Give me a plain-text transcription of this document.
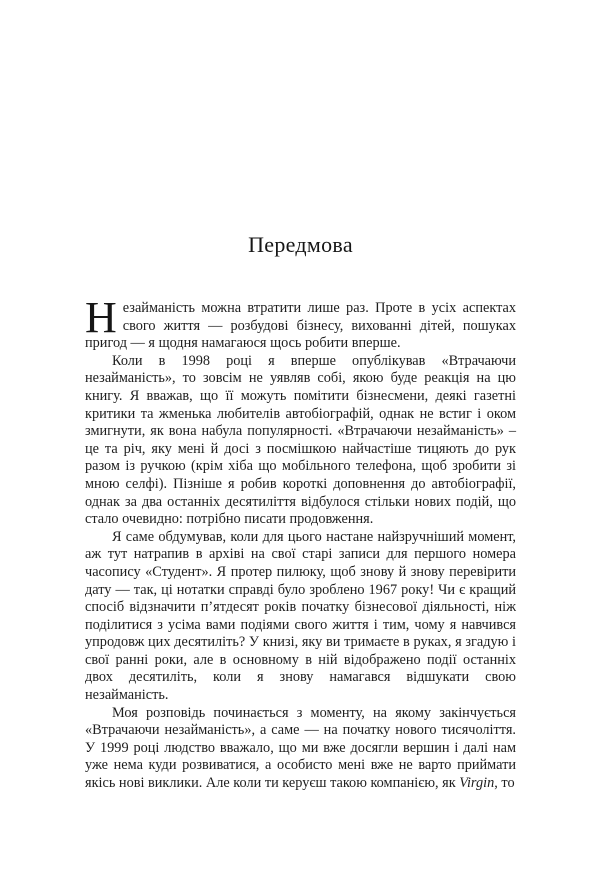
Передмова

Незайманість можна втратити лише раз. Проте в усіх аспектах свого життя — розбудові бізнесу, вихованні дітей, пошуках пригод — я щодня намагаюся щось робити вперше.

Коли в 1998 році я вперше опублікував «Втрачаючи незайманість», то зовсім не уявляв собі, якою буде реакція на цю книгу. Я вважав, що її можуть помітити бізнесмени, деякі газетні критики та жменька любителів автобіографій, однак не встиг і оком змигнути, як вона набула популярності. «Втрачаючи незайманість» – це та річ, яку мені й досі з посмішкою найчастіше тицяють до рук разом із ручкою (крім хіба що мобільного телефона, щоб зробити зі мною селфі). Пізніше я робив короткі доповнення до автобіографії, однак за два останніх десятиліття відбулося стільки нових подій, що стало очевидно: потрібно писати продовження.

Я саме обдумував, коли для цього настане найзручніший момент, аж тут натрапив в архіві на свої старі записи для першого номера часопису «Студент». Я протер пилюку, щоб знову й знову перевірити дату — так, ці нотатки справді було зроблено 1967 року! Чи є кращий спосіб відзначити п’ятдесят років початку бізнесової діяльності, ніж поділитися з усіма вами подіями свого життя і тим, чому я навчився упродовж цих десятиліть? У книзі, яку ви тримаєте в руках, я згадую і свої ранні роки, але в основному в ній відображено події останніх двох десятиліть, коли я знову намагався відшукати свою незайманість.

Моя розповідь починається з моменту, на якому закінчується «Втрачаючи незайманість», а саме — на початку нового тисячоліття. У 1999 році людство вважало, що ми вже досягли вершин і далі нам уже нема куди розвиватися, а особисто мені вже не варто приймати якісь нові виклики. Але коли ти керуєш такою компанією, як Virgin, то
